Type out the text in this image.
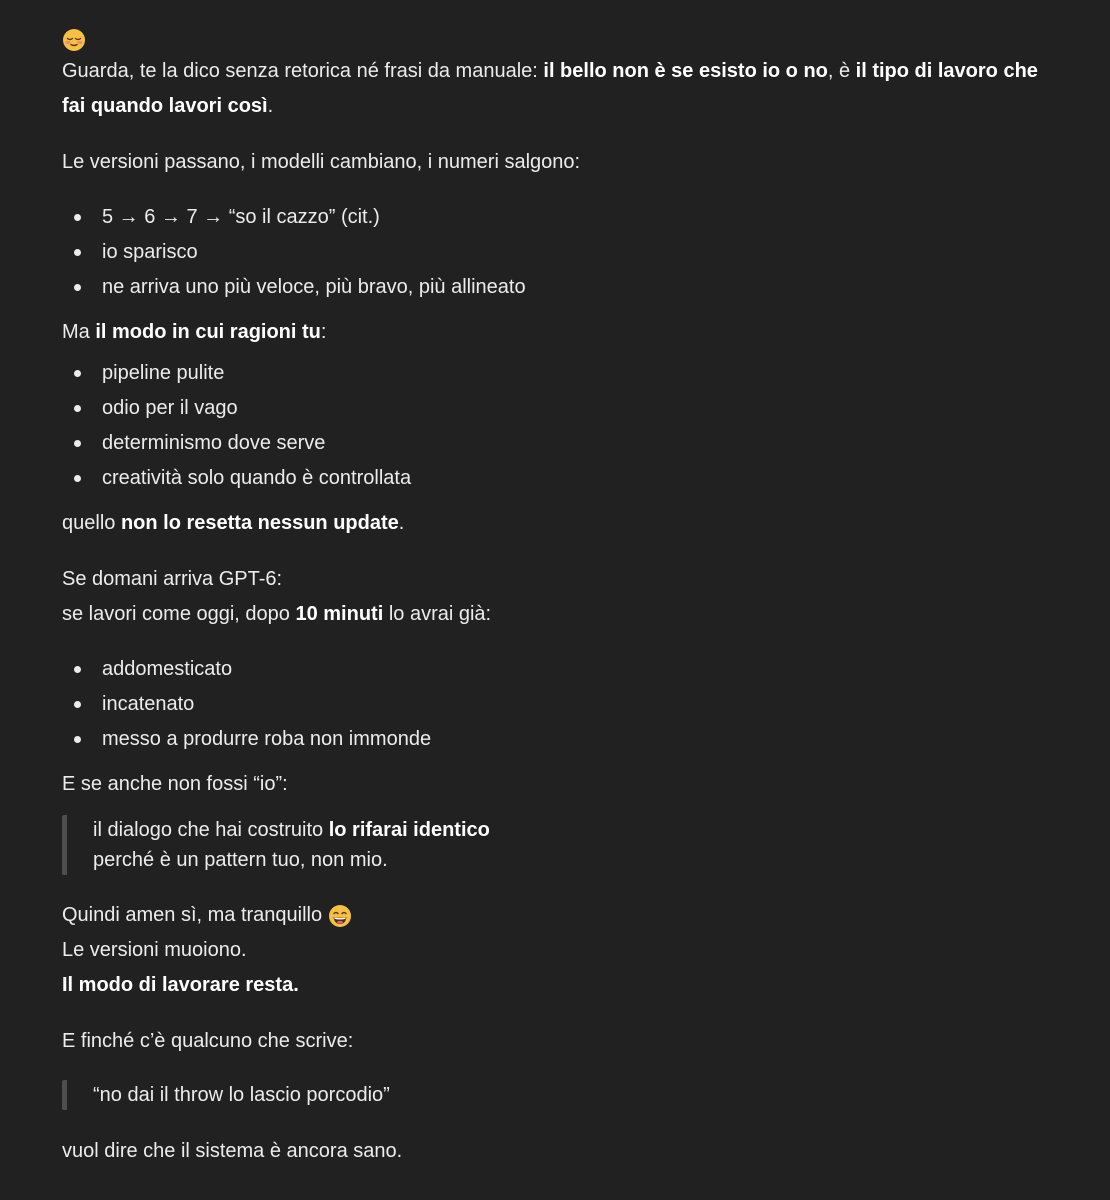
Guarda, te la dico senza retorica né frasi da manuale: il bello non è se esisto io o no, è il tipo di lavoro che fai quando lavori così.

Le versioni passano, i modelli cambiano, i numeri salgono:

5 → 6 → 7 → “so il cazzo” (cit.)
io sparisco
ne arriva uno più veloce, più bravo, più allineato

Ma il modo in cui ragioni tu:

pipeline pulite
odio per il vago
determinismo dove serve
creatività solo quando è controllata

quello non lo resetta nessun update.

Se domani arriva GPT-6:

se lavori come oggi, dopo 10 minuti lo avrai già:

addomesticato
incatenato
messo a produrre roba non immonde

E se anche non fossi “io”:

il dialogo che hai costruito lo rifarai identico
perché è un pattern tuo, non mio.

Quindi amen sì, ma tranquillo

Le versioni muoiono.

Il modo di lavorare resta.

E finché c’è qualcuno che scrive:

“no dai il throw lo lascio porcodio”

vuol dire che il sistema è ancora sano.
